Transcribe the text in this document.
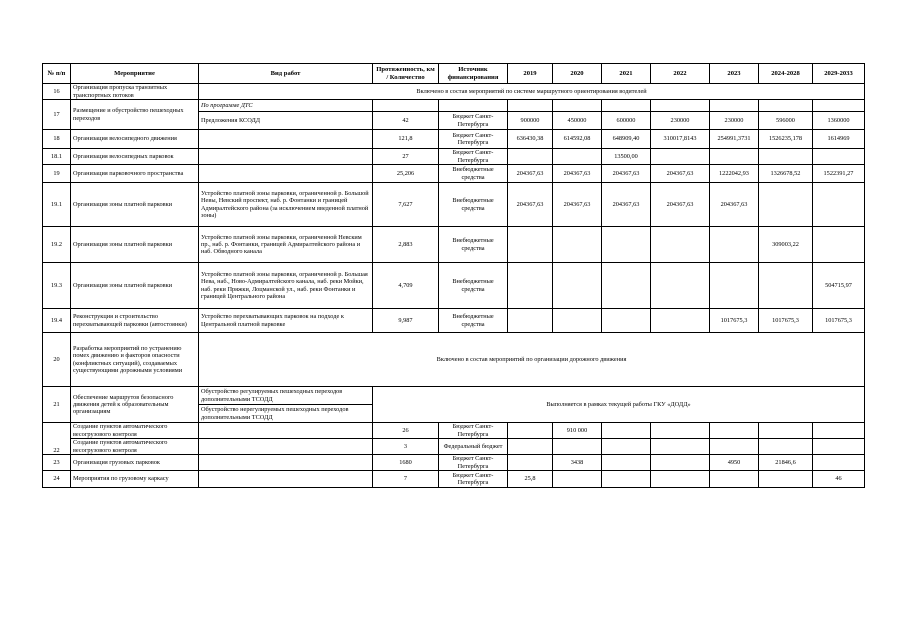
№ п/п	Мероприятие	Вид работ	Протяженность, км / Количество	Источник финансирования	2019	2020	2021	2022	2023	2024-2028	2029-2033
16	Организация пропуска транзитных транспортных потоков	Включено в состав мероприятий по системе маршрутного ориентирования водителей									
17	Размещение и обустройство пешеходных переходов	По программе ДТС									
		Предложения КСОДД	42	Бюджет Санкт-Петербурга	900000	450000	600000	230000	230000	596000	1360000
18	Организация велосипедного движения		121,8	Бюджет Санкт-Петербурга	636430,38	614592,08	648909,40	310017,8143	254991,3731	1526235,178	1614969
18.1	Организация велосипедных парковок		27	Бюджет Санкт-Петербурга			13500,00				
19	Организация парковочного пространства		25,206	Внебюджетные средства	204367,63	204367,63	204367,63	204367,63	1222042,93	1326678,52	1522391,27
19.1	Организация зоны платной парковки	Устройство платной зоны парковки, ограниченной р. Большой Невы, Невский проспект, наб. р. Фонтанки и границей Адмиралтейского района (за исключением введенной платной зоны)	7,627	Внебюджетные средства	204367,63	204367,63	204367,63	204367,63	204367,63		
19.2	Организация зоны платной парковки	Устройство платной зоны парковки, ограниченной Невским пр., наб. р. Фонтанки, границей Адмиралтейского района и наб. Обводного канала	2,883	Внебюджетные средства						309003,22	
19.3	Организация зоны платной парковки	Устройство платной зоны парковки, ограниченной р. Большая Нева, наб., Ново-Адмиралтейского канала, наб. реки Мойки, наб. реки Пряжки, Лоцманской ул., наб. реки Фонтанки и границей Центрального района	4,709	Внебюджетные средства							504715,97
19.4	Реконструкция и строительство перехватывающей парковки (автостоянки)	Устройство перехватывающих парковок на подходе к Центральной платной парковке	9,987	Внебюджетные средства					1017675,3	1017675,3	1017675,3
20	Разработка мероприятий по устранению помех движению и факторов опасности (конфликтных ситуаций), создаваемых существующими дорожными условиями	Включено в состав мероприятий по организации дорожного движения									
21	Обеспечение маршрутов безопасного движения детей к образовательным организациям	Обустройство регулируемых пешеходных переходов дополнительными ТСОДД	Выполняется в рамках текущей работы ГКУ «ДОДД»								
		Обустройство нерегулируемых пешеходных переходов дополнительными ТСОДД									
22	Создание пунктов автоматического весогрузового контроля		26	Бюджет Санкт-Петербурга		910 000					
	Создание пунктов автоматического весогрузового контроля		3	Федеральный бюджет							
23	Организация грузовых парковок		1680	Бюджет Санкт-Петербурга		3438			4950	21846,6	
24	Мероприятия по грузовому каркасу		7	Бюджет Санкт-Петербурга	25,8						46
